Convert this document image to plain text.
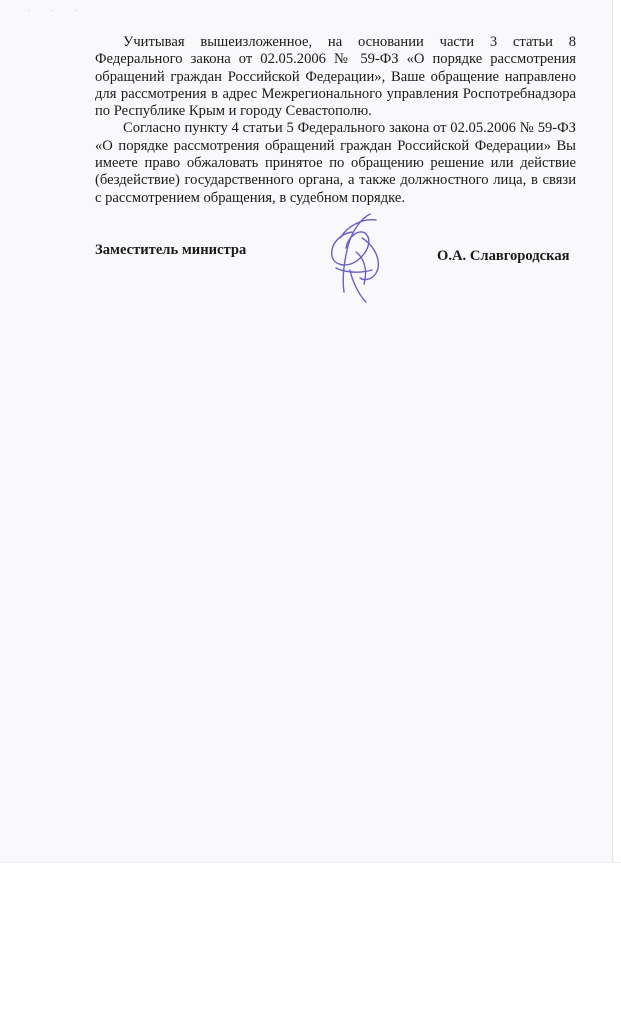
· · ·

Учитывая вышеизложенное, на основании части 3 статьи 8 Федерального закона от 02.05.2006 № 59-ФЗ «О порядке рассмотрения обращений граждан Российской Федерации», Ваше обращение направлено для рассмотрения в адрес Межрегионального управления Роспотребнадзора по Республике Крым и городу Севастополю.

Согласно пункту 4 статьи 5 Федерального закона от 02.05.2006 № 59-ФЗ «О порядке рассмотрения обращений граждан Российской Федерации» Вы имеете право обжаловать принятое по обращению решение или действие (бездействие) государственного органа, а также должностного лица, в связи с рассмотрением обращения, в судебном порядке.

Заместитель министра	О.А. Славгородская
